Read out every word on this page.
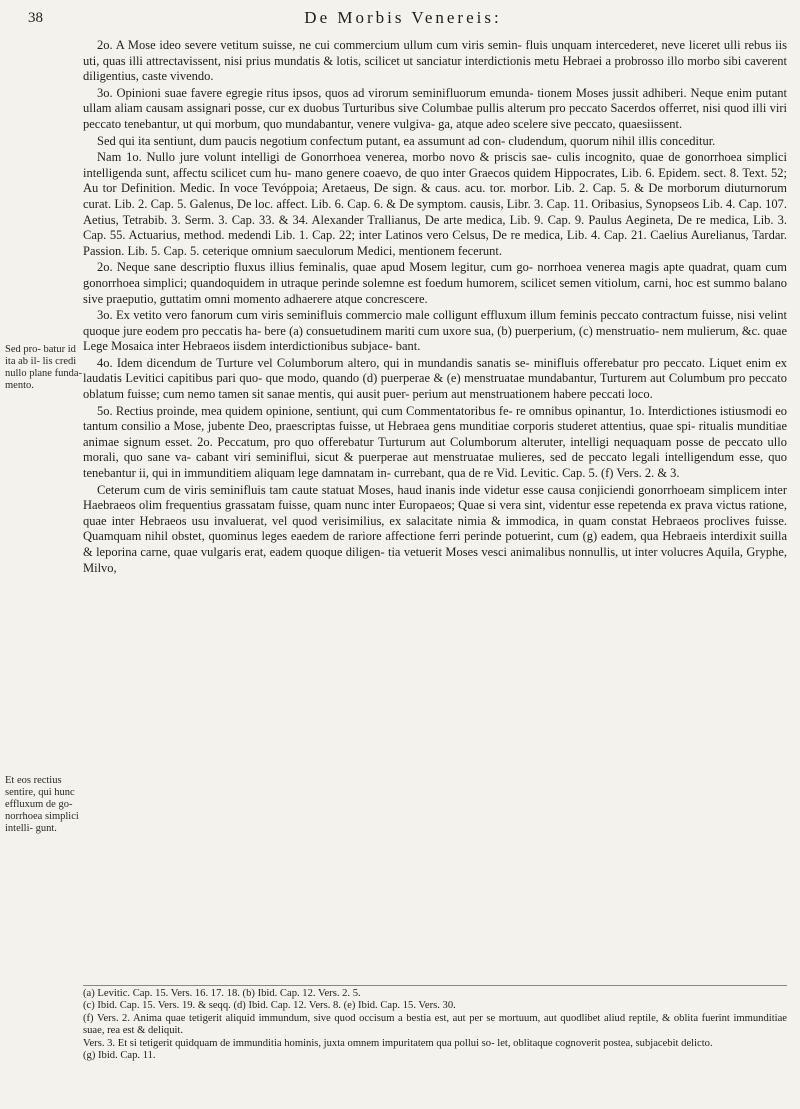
38	De Morbis Venereis:
Sed pro- batur id ita ab il- lis credi nullo plane funda- mento.
Et eos rectius sentire, qui hunc effluxum de go- norrhoea simplici intelli- gunt.

2o. A Mose ideo severe vetitum suisse, ne cui commercium ullum cum viris semin- fluis unquam intercederet, neve liceret ulli rebus iis uti, quas illi attrectavissent, nisi prius mundatis & lotis, scilicet ut sanciatur interdictionis metu Hebraei a probrosso illo morbo sibi caverent diligentius, caste vivendo.

3o. Opinioni suae favere egregie ritus ipsos, quos ad virorum seminifluorum emunda- tionem Moses jussit adhiberi. Neque enim putant ullam aliam causam assignari posse, cur ex duobus Turturibus sive Columbae pullis alterum pro peccato Sacerdos offerret, nisi quod illi viri peccato tenebantur, ut qui morbum, quo mundabantur, venere vulgiva- ga, atque adeo scelere sive peccato, quaesiissent.

Sed qui ita sentiunt, dum paucis negotium confectum putant, ea assumunt ad con- cludendum, quorum nihil illis conceditur.

Nam 1o. Nullo jure volunt intelligi de Gonorrhoea venerea, morbo novo & priscis sae- culis incognito, quae de gonorrhoea simplici intelligenda sunt, affectu scilicet cum hu- mano genere coaevo, de quo inter Graecos quidem Hippocrates, Lib. 6. Epidem. sect. 8. Text. 52; Au tor Definition. Medic. In voce Tevóppoia; Aretaeus, De sign. & caus. acu. tor. morbor. Lib. 2. Cap. 5. & De morborum diuturnorum curat. Lib. 2. Cap. 5. Galenus, De loc. affect. Lib. 6. Cap. 6. & De symptom. causis, Libr. 3. Cap. 11. Oribasius, Synopseos Lib. 4. Cap. 107. Aetius, Tetrabib. 3. Serm. 3. Cap. 33. & 34. Alexander Trallianus, De arte medica, Lib. 9. Cap. 9. Paulus Aegineta, De re medica, Lib. 3. Cap. 55. Actuarius, method. medendi Lib. 1. Cap. 22; inter Latinos vero Celsus, De re medica, Lib. 4. Cap. 21. Caelius Aurelianus, Tardar. Passion. Lib. 5. Cap. 5. ceterique omnium saeculorum Medici, mentionem fecerunt.

2o. Neque sane descriptio fluxus illius feminalis, quae apud Mosem legitur, cum go- norrhoea venerea magis apte quadrat, quam cum gonorrhoea simplici; quandoquidem in utraque perinde solemne est foedum humorem, scilicet semen vitiolum, carni, hoc est summo balano sive praeputio, guttatim omni momento adhaerere atque concrescere.

3o. Ex vetito vero fanorum cum viris seminifluis commercio male colligunt effluxum illum feminis peccato contractum fuisse, nisi velint quoque jure eodem pro peccatis ha- bere (a) consuetudinem mariti cum uxore sua, (b) puerperium, (c) menstruatio- nem mulierum, &c. quae Lege Mosaica inter Hebraeos iisdem interdictionibus subjace- bant.

4o. Idem dicendum de Turture vel Columborum altero, qui in mundandis sanatis se- minifluis offerebatur pro peccato. Liquet enim ex laudatis Levitici capitibus pari quo- que modo, quando (d) puerperae & (e) menstruatae mundabantur, Turturem aut Columbum pro peccato oblatum fuisse; cum nemo tamen sit sanae mentis, qui ausit puer- perium aut menstruationem habere peccati loco.

5o. Rectius proinde, mea quidem opinione, sentiunt, qui cum Commentatoribus fe- re omnibus opinantur, 1o. Interdictiones istiusmodi eo tantum consilio a Mose, jubente Deo, praescriptas fuisse, ut Hebraea gens munditiae corporis studeret attentius, quae spi- ritualis munditiae animae signum esset. 2o. Peccatum, pro quo offerebatur Turturum aut Columborum alteruter, intelligi nequaquam posse de peccato ullo morali, quo sane va- cabant viri seminiflui, sicut & puerperae aut menstruatae mulieres, sed de peccato legali intelligendum esse, quo tenebantur ii, qui in immunditiem aliquam lege damnatam in- currebant, qua de re Vid. Levitic. Cap. 5. (f) Vers. 2. & 3.

Ceterum cum de viris seminifluis tam caute statuat Moses, haud inanis inde videtur esse causa conjiciendi gonorrhoeam simplicem inter Haebraeos olim frequentius grassatam fuisse, quam nunc inter Europaeos; Quae si vera sint, videntur esse repetenda ex prava victus ratione, quae inter Hebraeos usu invaluerat, vel quod verisimilius, ex salacitate nimia & immodica, in quam constat Hebraeos proclives fuisse. Quamquam nihil obstet, quominus leges eaedem de rariore affectione ferri perinde potuerint, cum (g) eadem, qua Hebraeis interdixit suilla & leporina carne, quae vulgaris erat, eadem quoque diligen- tia vetuerit Moses vesci animalibus nonnullis, ut inter volucres Aquila, Gryphe, Milvo,

(a) Levitic. Cap. 15. Vers. 16. 17. 18. (b) Ibid. Cap. 12. Vers. 2. 5.

(c) Ibid. Cap. 15. Vers. 19. & seqq. (d) Ibid. Cap. 12. Vers. 8. (e) Ibid. Cap. 15. Vers. 30.

(f) Vers. 2. Anima quae tetigerit aliquid immundum, sive quod occisum a bestia est, aut per se mortuum, aut quodlibet aliud reptile, & oblita fuerint immunditiae suae, rea est & deliquit.

Vers. 3. Et si tetigerit quidquam de immunditia hominis, juxta omnem impuritatem qua pollui so- let, oblitaque cognoverit postea, subjacebit delicto.

(g) Ibid. Cap. 11.
